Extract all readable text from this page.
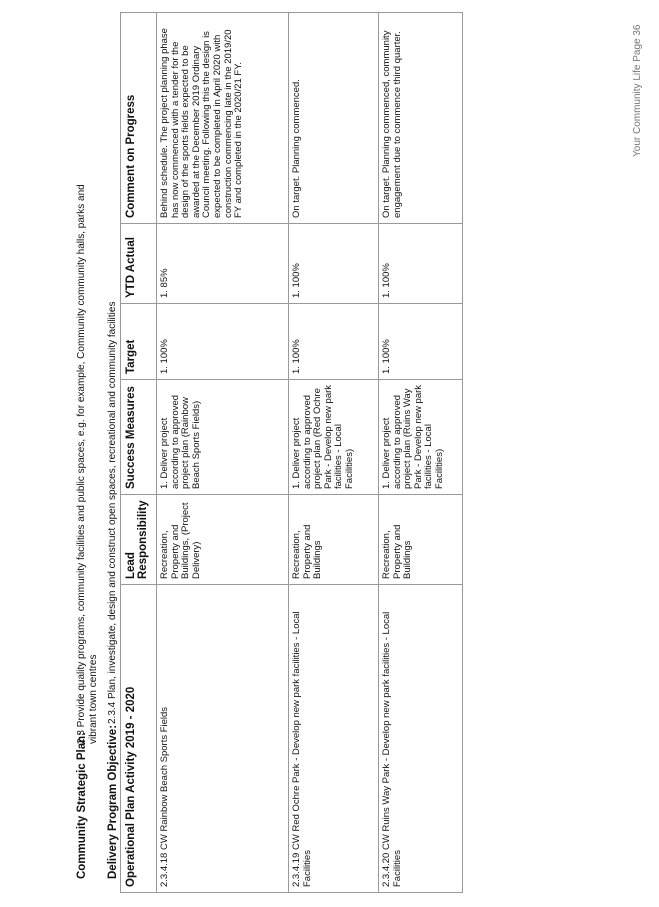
Community Strategic Plan:
2.3 Provide quality programs, community facilities and public spaces, e.g. for example, Community community halls, parks and vibrant town centres
Delivery Program Objective:
2.3.4 Plan, investigate, design and construct open spaces, recreational and community facilities
Operational Plan Activity 2019 - 2020	Lead Responsibility	Success Measures	Target	YTD Actual	Comment on Progress
2.3.4.18 CW Rainbow Beach Sports Fields	Recreation, Property and Buildings, (Project Delivery)	1. Deliver project according to approved project plan (Rainbow Beach Sports Fields)	1. 100%	1. 85%	Behind schedule. The project planning phase has now commenced with a tender for the design of the sports fields expected to be awarded at the December 2019 Ordinary Council meeting. Following this the design is expected to be completed in April 2020 with construction commencing late in the 2019/20 FY and completed in the 2020/21 FY.
2.3.4.19 CW Red Ochre Park - Develop new park facilities - Local Facilities	Recreation, Property and Buildings	1. Deliver project according to approved project plan (Red Ochre Park - Develop new park facilities - Local Facilities)	1. 100%	1. 100%	On target. Planning commenced.
2.3.4.20 CW Ruins Way Park - Develop new park facilities - Local Facilities	Recreation, Property and Buildings	1. Deliver project according to approved project plan (Ruins Way Park - Develop new park facilities - Local Facilities)	1. 100%	1. 100%	On target. Planning commenced, community engagement due to commence third quarter.	Your Community Life Page 36
